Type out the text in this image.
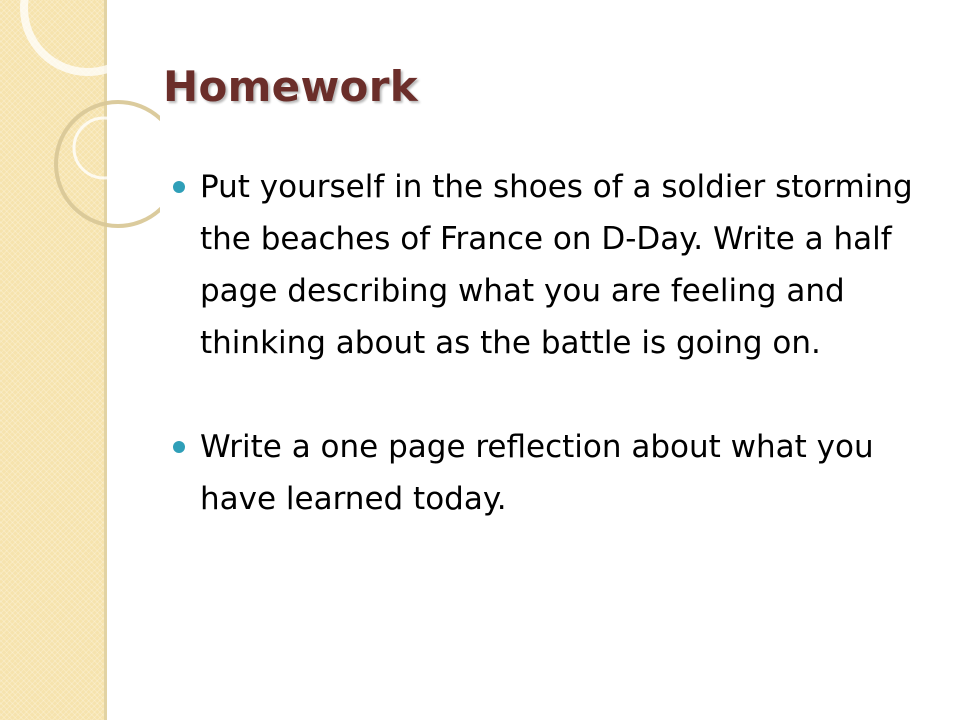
Homework
Put yourself in the shoes of a soldier storming the beaches of France on D-Day. Write a half page describing what you are feeling and thinking about as the battle is going on.
Write a one page reflection about what you have learned today.
